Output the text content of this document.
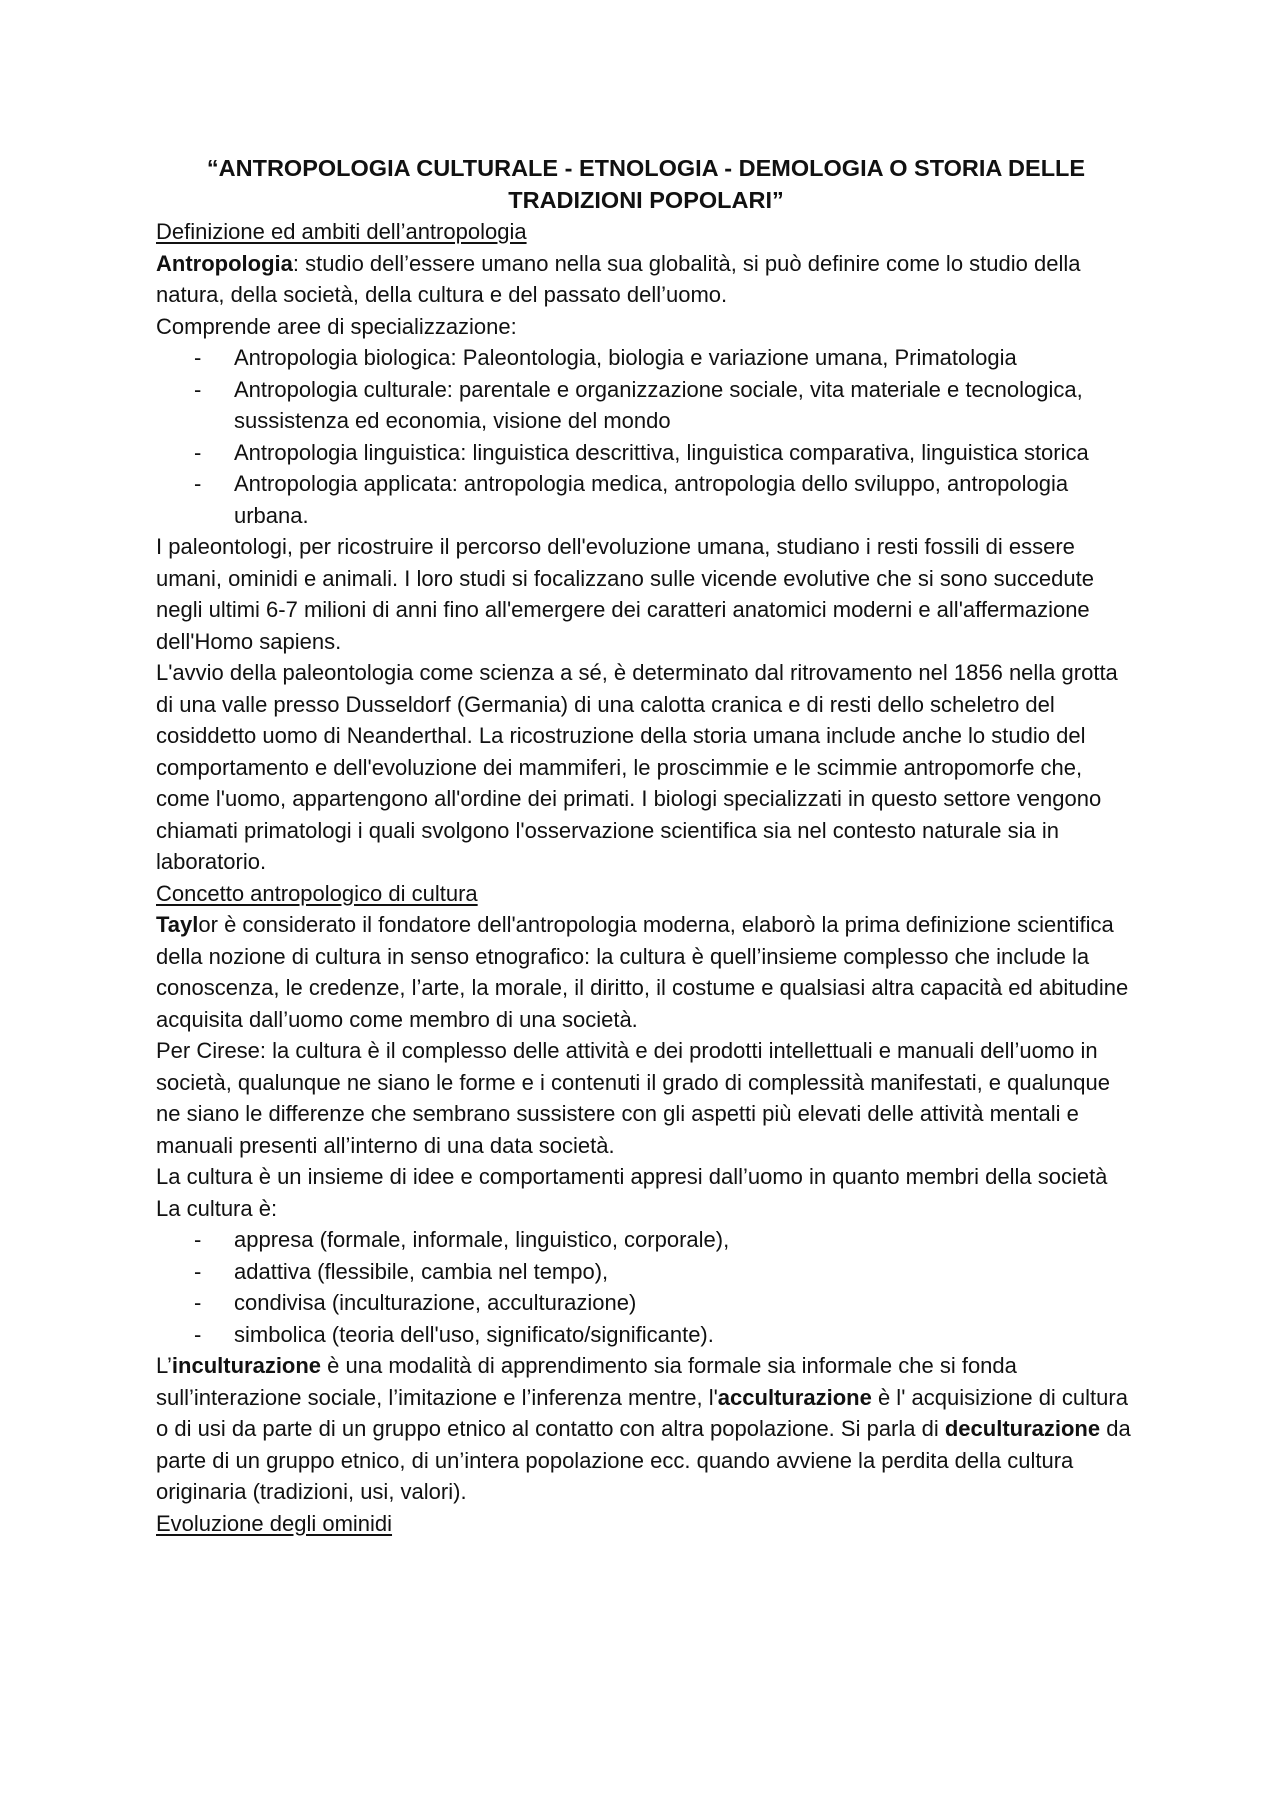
“ANTROPOLOGIA CULTURALE - ETNOLOGIA - DEMOLOGIA O STORIA DELLE TRADIZIONI POPOLARI”

Definizione ed ambiti dell’antropologia

Antropologia: studio dell’essere umano nella sua globalità, si può definire come lo studio della natura, della società, della cultura e del passato dell’uomo.

Comprende aree di specializzazione:

- Antropologia biologica: Paleontologia, biologia e variazione umana, Primatologia
- Antropologia culturale: parentale e organizzazione sociale, vita materiale e tecnologica, sussistenza ed economia, visione del mondo
- Antropologia linguistica: linguistica descrittiva, linguistica comparativa, linguistica storica
- Antropologia applicata: antropologia medica, antropologia dello sviluppo, antropologia urbana.

I paleontologi, per ricostruire il percorso dell'evoluzione umana, studiano i resti fossili di essere umani, ominidi e animali. I loro studi si focalizzano sulle vicende evolutive che si sono succedute negli ultimi 6-7 milioni di anni fino all'emergere dei caratteri anatomici moderni e all'affermazione dell'Homo sapiens.

L'avvio della paleontologia come scienza a sé, è determinato dal ritrovamento nel 1856 nella grotta di una valle presso Dusseldorf (Germania) di una calotta cranica e di resti dello scheletro del cosiddetto uomo di Neanderthal. La ricostruzione della storia umana include anche lo studio del comportamento e dell'evoluzione dei mammiferi, le proscimmie e le scimmie antropomorfe che, come l'uomo, appartengono all'ordine dei primati. I biologi specializzati in questo settore vengono chiamati primatologi i quali svolgono l'osservazione scientifica sia nel contesto naturale sia in laboratorio.

Concetto antropologico di cultura

Taylor è considerato il fondatore dell'antropologia moderna, elaborò la prima definizione scientifica della nozione di cultura in senso etnografico: la cultura è quell’insieme complesso che include la conoscenza, le credenze, l’arte, la morale, il diritto, il costume e qualsiasi altra capacità ed abitudine acquisita dall’uomo come membro di una società.

Per Cirese: la cultura è il complesso delle attività e dei prodotti intellettuali e manuali dell’uomo in società, qualunque ne siano le forme e i contenuti il grado di complessità manifestati, e qualunque ne siano le differenze che sembrano sussistere con gli aspetti più elevati delle attività mentali e manuali presenti all’interno di una data società.

La cultura è un insieme di idee e comportamenti appresi dall’uomo in quanto membri della società

La cultura è:

- appresa (formale, informale, linguistico, corporale),
- adattiva (flessibile, cambia nel tempo),
- condivisa (inculturazione, acculturazione)
- simbolica (teoria dell'uso, significato/significante).

L’inculturazione è una modalità di apprendimento sia formale sia informale che si fonda sull’interazione sociale, l’imitazione e l’inferenza mentre, l'acculturazione è l' acquisizione di cultura o di usi da parte di un gruppo etnico al contatto con altra popolazione. Si parla di deculturazione da parte di un gruppo etnico, di un’intera popolazione ecc. quando avviene la perdita della cultura originaria (tradizioni, usi, valori).

Evoluzione degli ominidi
